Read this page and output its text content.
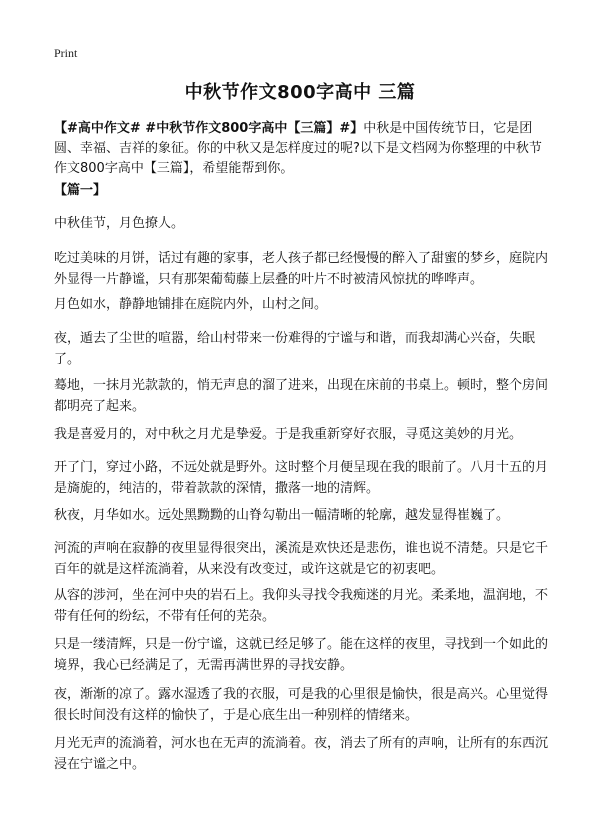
Print
中秋节作文800字高中 三篇
【#高中作文# #中秋节作文800字高中【三篇】#】中秋是中国传统节日，它是团圆、幸福、吉祥的象征。你的中秋又是怎样度过的呢?以下是文档网为你整理的中秋节作文800字高中【三篇】，希望能帮到你。
【篇一】

中秋佳节，月色撩人。

吃过美味的月饼，话过有趣的家事，老人孩子都已经慢慢的醉入了甜蜜的梦乡，庭院内外显得一片静谧，只有那架葡萄藤上层叠的叶片不时被清风惊扰的哗哗声。

月色如水，静静地铺排在庭院内外，山村之间。

夜，遁去了尘世的喧嚣，给山村带来一份难得的宁谧与和谐，而我却满心兴奋，失眠了。

蓦地，一抹月光款款的，悄无声息的溜了进来，出现在床前的书桌上。顿时，整个房间都明亮了起来。

我是喜爱月的，对中秋之月尤是挚爱。于是我重新穿好衣服，寻觅这美妙的月光。

开了门，穿过小路，不远处就是野外。这时整个月便呈现在我的眼前了。八月十五的月是旖旎的，纯洁的，带着款款的深情，撒落一地的清辉。

秋夜，月华如水。远处黑黝黝的山脊勾勒出一幅清晰的轮廓，越发显得崔巍了。

河流的声响在寂静的夜里显得很突出，溪流是欢快还是悲伤，谁也说不清楚。只是它千百年的就是这样流淌着，从来没有改变过，或许这就是它的初衷吧。

从容的涉河，坐在河中央的岩石上。我仰头寻找令我痴迷的月光。柔柔地，温润地，不带有任何的纷纭，不带有任何的芜杂。

只是一缕清辉，只是一份宁谧，这就已经足够了。能在这样的夜里，寻找到一个如此的境界，我心已经满足了，无需再满世界的寻找安静。

夜，渐渐的凉了。露水湿透了我的衣服，可是我的心里很是愉快，很是高兴。心里觉得很长时间没有这样的愉快了，于是心底生出一种别样的情绪来。

月光无声的流淌着，河水也在无声的流淌着。夜，消去了所有的声响，让所有的东西沉浸在宁谧之中。
